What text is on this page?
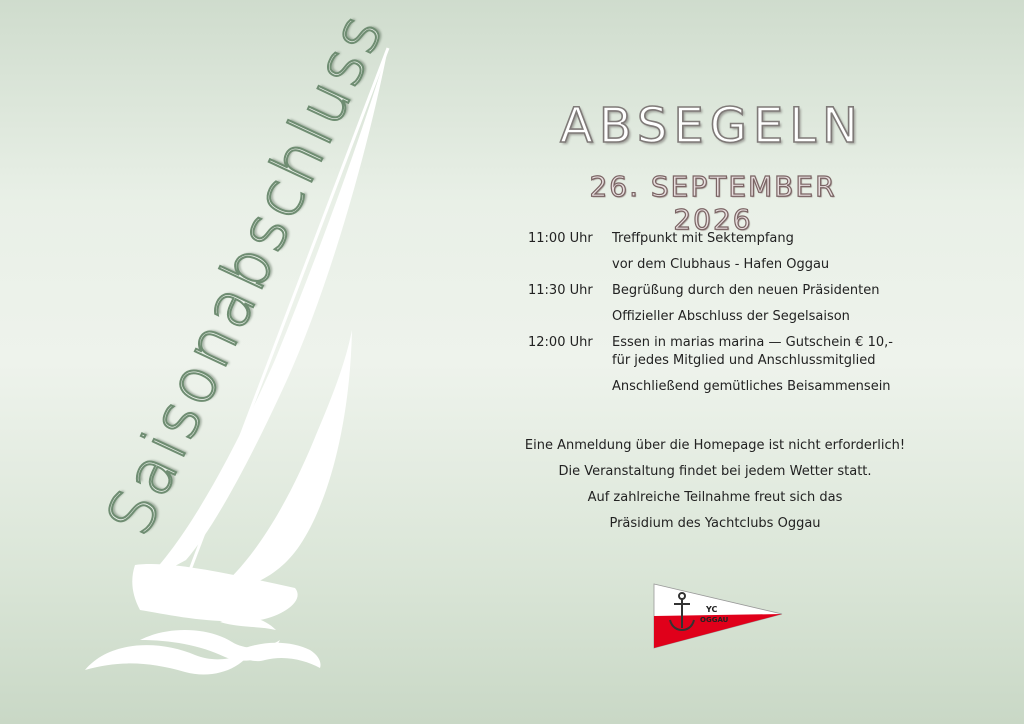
Saisonabschluss	ABSEGELN
26. SEPTEMBER 2026
11:00 Uhr	Treffpunkt mit Sektempfang
vor dem Clubhaus - Hafen Oggau
11:30 Uhr	Begrüßung durch den neuen Präsidenten
Offizieller Abschluss der Segelsaison
12:00 Uhr	Essen in marias marina — Gutschein € 10,- für jedes Mitglied und Anschlussmitglied
Anschließend gemütliches Beisammensein
Eine Anmeldung über die Homepage ist nicht erforderlich!
Die Veranstaltung findet bei jedem Wetter statt.
Auf zahlreiche Teilnahme freut sich das
Präsidium des Yachtclubs Oggau
YC
OGGAU
